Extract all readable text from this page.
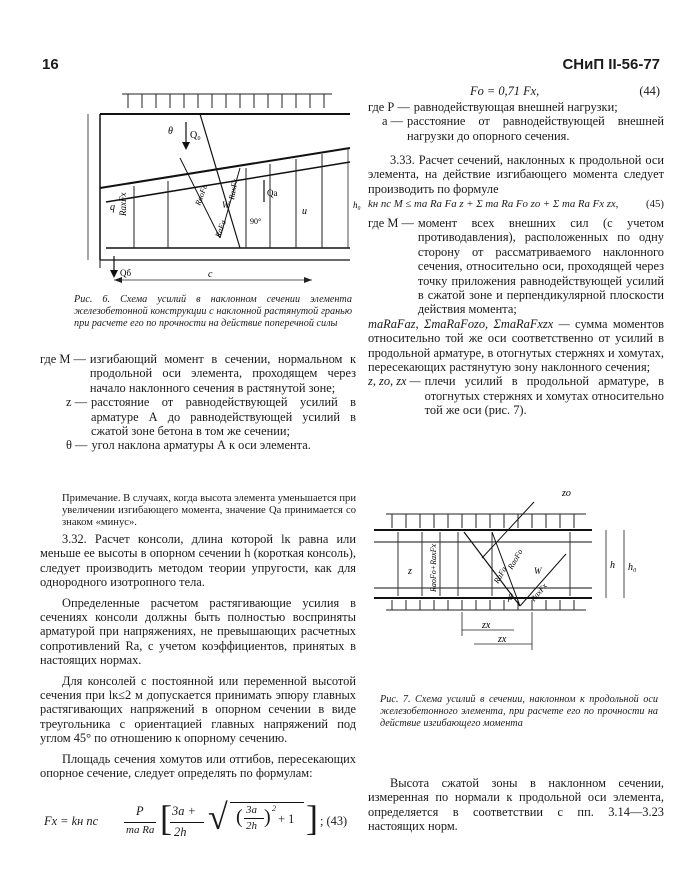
16	СНиП II-56-77
Q₀
θ
Qа
Qб
q
с
u
h₀
90°
W
RахFх	RаоFо RахFх
RаFа
Рис. 6. Схема усилий в наклонном сечении элемента железобетонной конструкции с наклонной растянутой гранью при расчете его по прочности на действие поперечной силы
где М — изгибающий момент в сечении, нормальном к продольной оси элемента, проходящем через начало наклонного сечения в растянутой зоне;
z — расстояние от равнодействующей усилий в арматуре А до равнодействующей усилий в сжатой зоне бетона в том же сечении;
θ — угол наклона арматуры А к оси элемента.
Примечание. В случаях, когда высота элемента уменьшается при увеличении изгибающего момента, значение Qа принимается со знаком «минус».

3.32. Расчет консоли, длина которой lк равна или меньше ее высоты в опорном сечении h (короткая консоль), следует производить методом теории упругости, как для однородного изотропного тела.

Определенные расчетом растягивающие усилия в сечениях консоли должны быть полностью восприняты арматурой при напряжениях, не превышающих расчетных сопротивлений Rа, с учетом коэффициентов, принятых в настоящих нормах.

Для консолей с постоянной или переменной высотой сечения при lк≤2 м допускается принимать эпюру главных растягивающих напряжений в опорном сечении в виде треугольника с ориентацией главных напряжений под углом 45° по отношению к опорному сечению.

Площадь сечения хомутов или отгибов, пересекающих опорное сечение, следует определять по формулам:

Fх = kн nс
P
mа Rа [ 3a +
2h √ ( 3a
2h ) 2
+ 1 ] ; (43)
Fо = 0,71 Fх,	(44)
где Р — равнодействующая внешней нагрузки;
a — расстояние от равнодействующей внешней нагрузки до опорного сечения.

3.33. Расчет сечений, наклонных к продольной оси элемента, на действие изгибающего момента следует производить по формуле

kн nс M ≤ mа Rа Fа z + Σ mа Rа Fо zо + Σ mа Rа Fх zх,	(45)
где М — момент всех внешних сил (с учетом противодавления), расположенных по одну сторону от рассматриваемого наклонного сечения, относительно оси, проходящей через точку приложения равнодействующей усилий в сжатой зоне и перпендикулярной плоскости действия момента;
mаRаFаz, ΣmаRаFоzо, ΣmаRаFхzх — сумма моментов относительно той же оси соответственно от усилий в продольной арматуре, в отогнутых стержнях и хомутах, пересекающих растянутую зону наклонного сечения;
z, zо, zх — плечи усилий в продольной арматуре, в отогнутых стержнях и хомутах относительно той же оси (рис. 7).
z
zо
zх
zх
h h₀
β
W
RаоFо+RахFх	RаFа
RаоFо
RахFх
Рис. 7. Схема усилий в сечении, наклонном к продольной оси железобетонного элемента, при расчете его по прочности на действие изгибающего момента

Высота сжатой зоны в наклонном сечении, измеренная по нормали к продольной оси элемента, определяется в соответствии с пп. 3.14—3.23 настоящих норм.
